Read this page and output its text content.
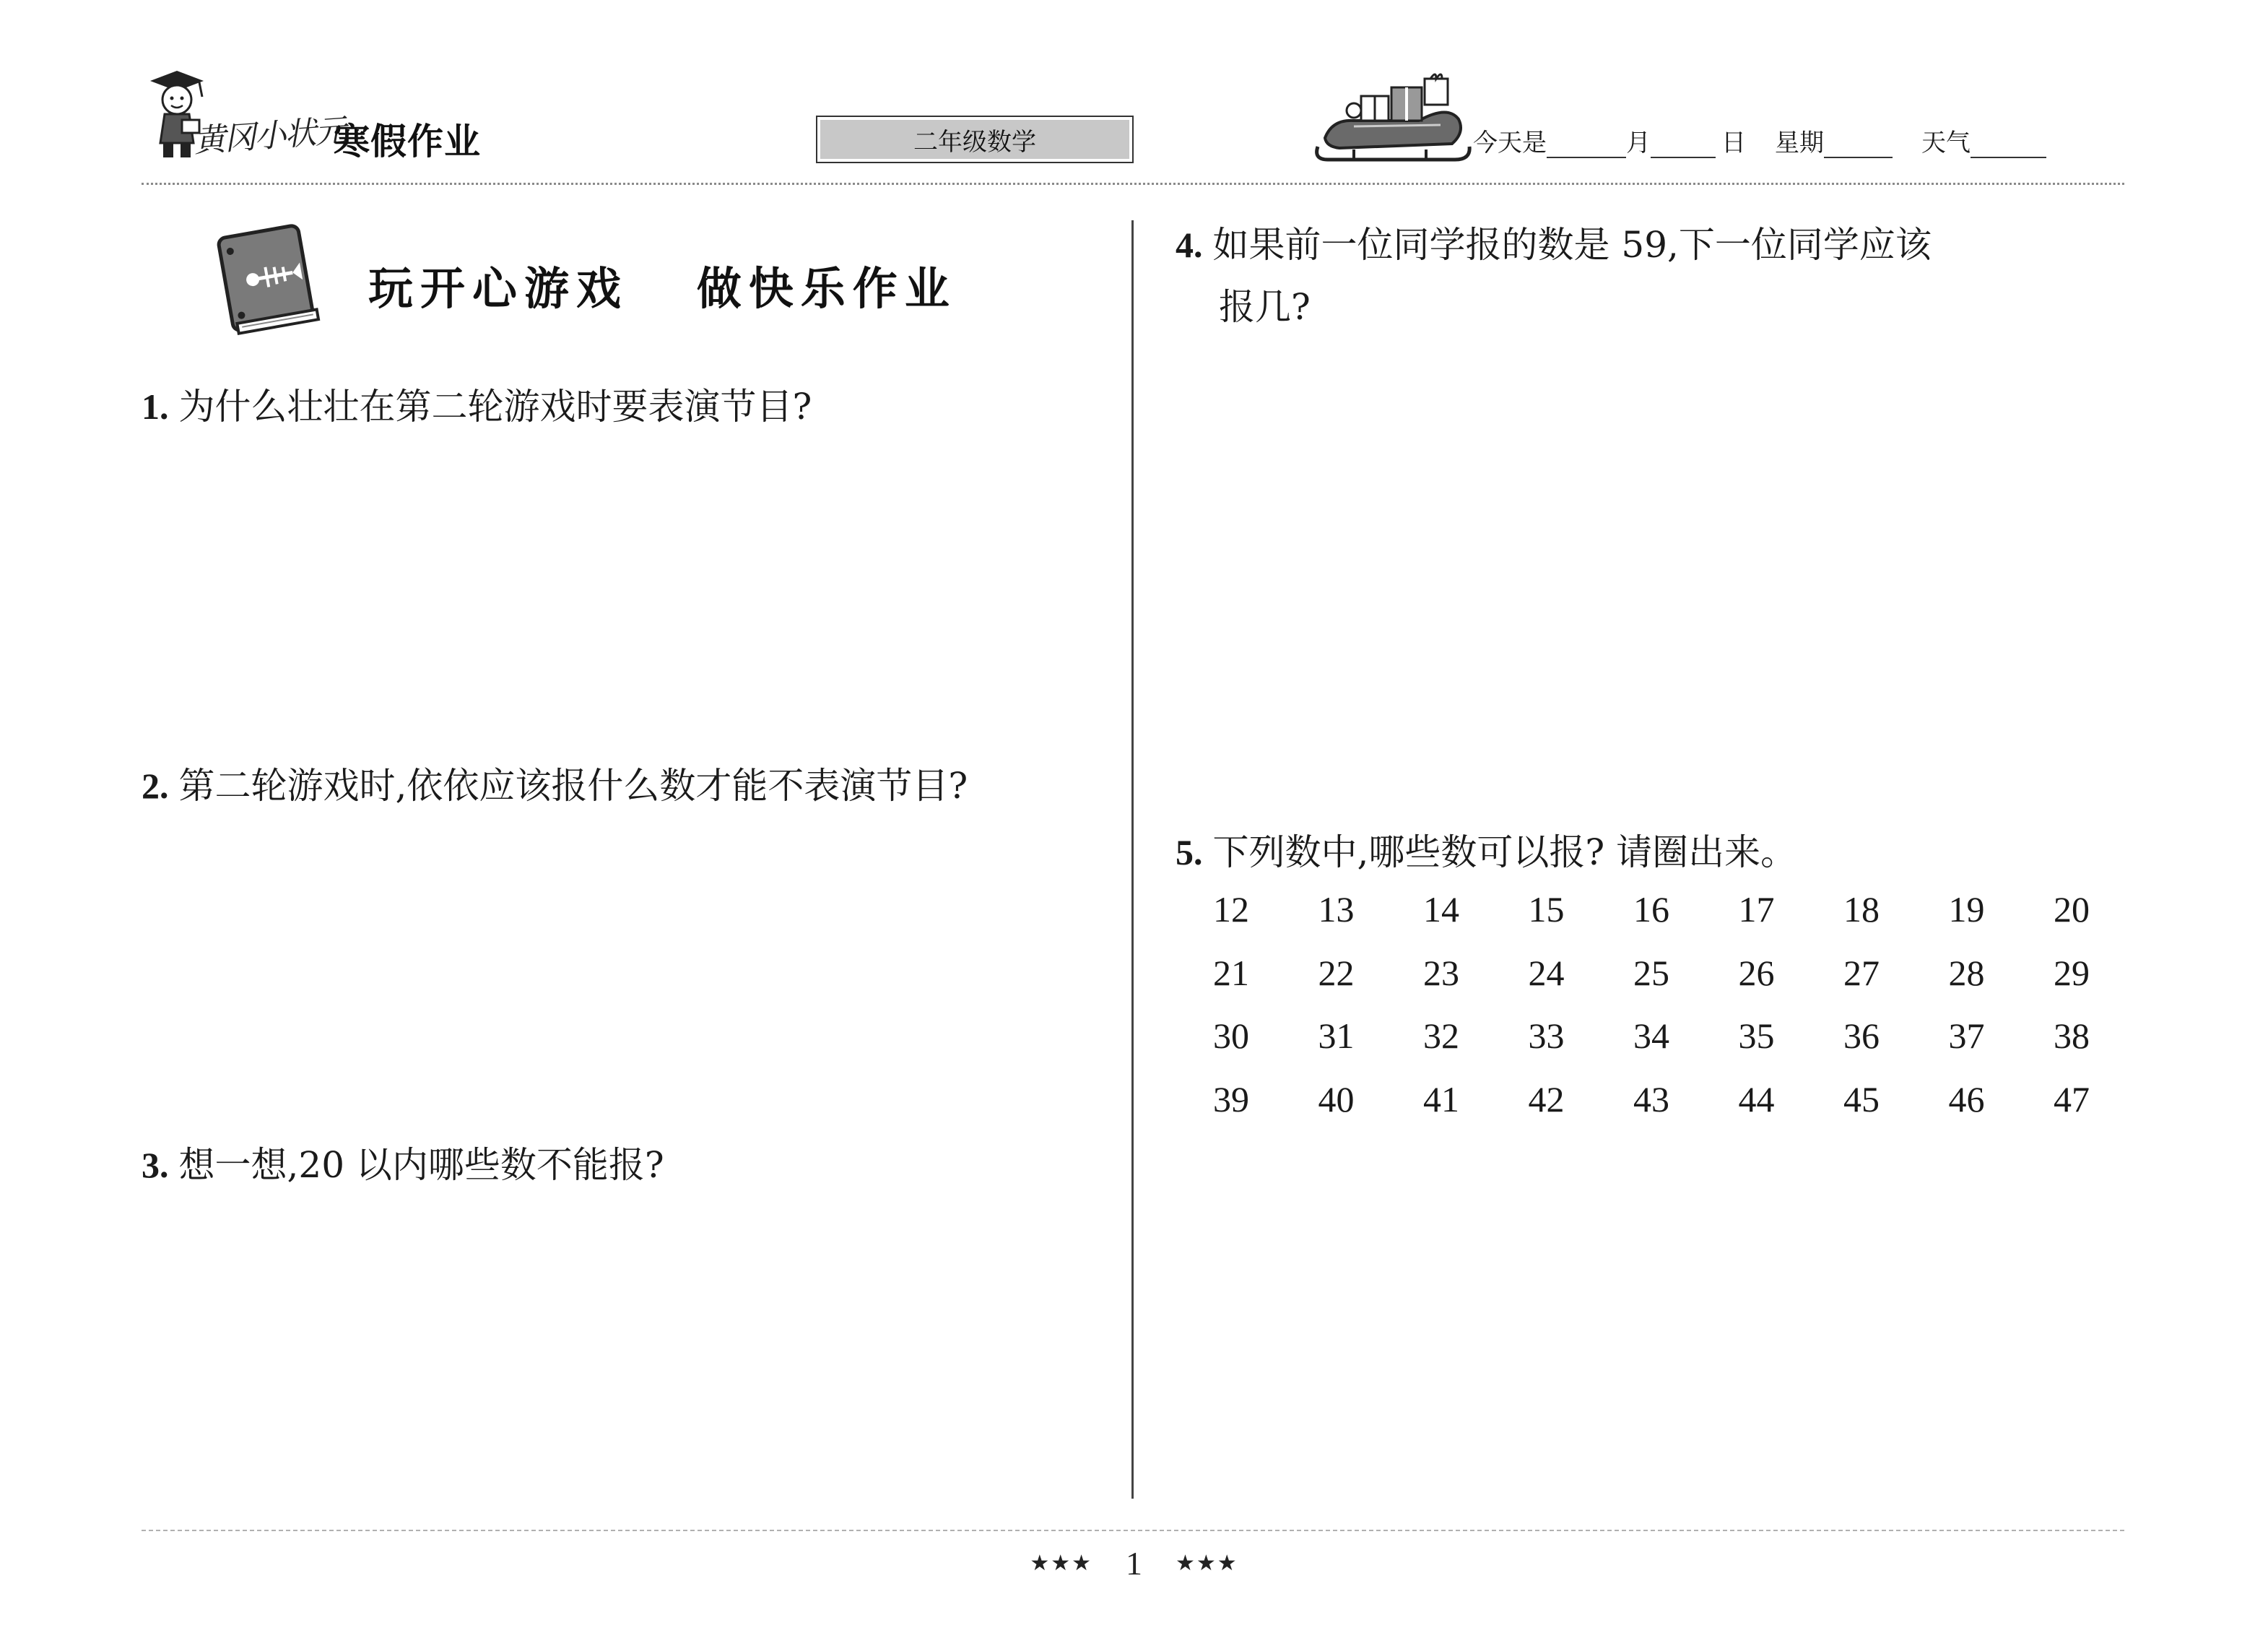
黄冈小状元
寒假作业	二年级数学	今天是	月	日 星期	天气
玩开心游戏   做快乐作业
1. 为什么壮壮在第二轮游戏时要表演节目?
2. 第二轮游戏时,依依应该报什么数才能不表演节目?
3. 想一想,20 以内哪些数不能报?
4. 如果前一位同学报的数是 59,下一位同学应该
报几?
5. 下列数中,哪些数可以报? 请圈出来。
12	13	14	15	16	17	18	19	20
21	22	23	24	25	26	27	28	29
30	31	32	33	34	35	36	37	38
39	40	41	42	43	44	45	46	47
★★★ 1 ★★★
